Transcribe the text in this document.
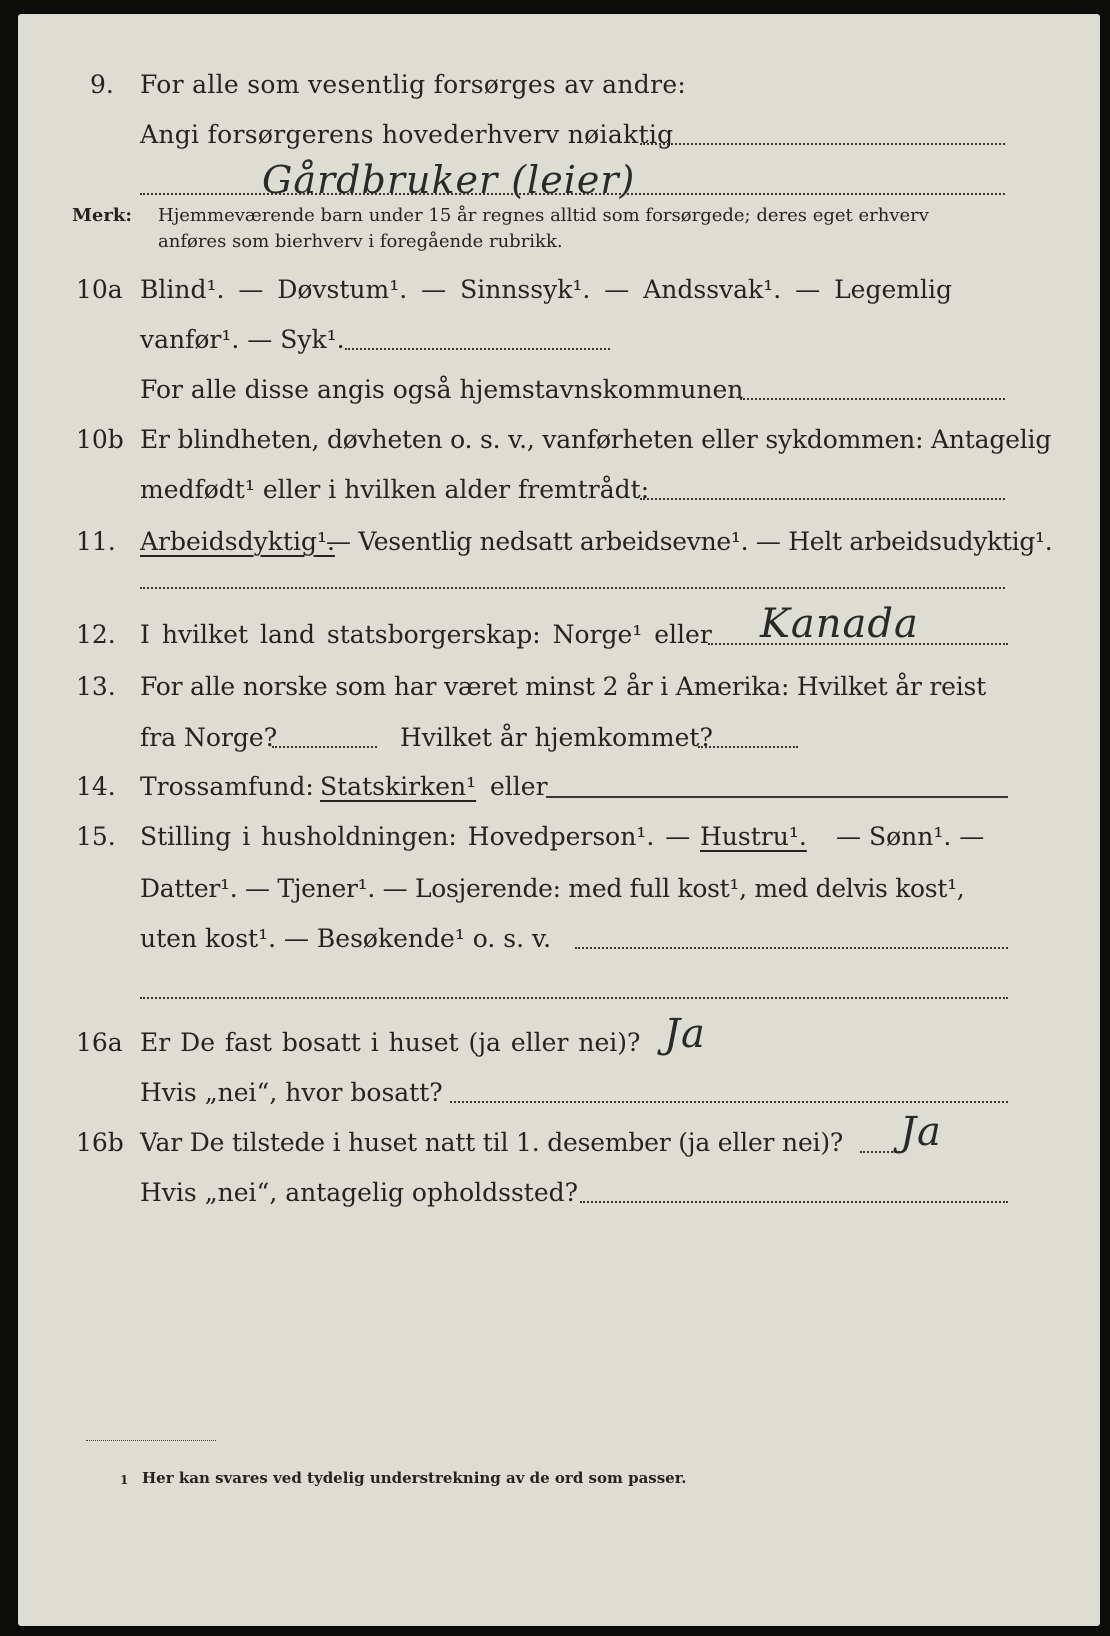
9. For alle som vesentlig forsørges av andre:
Angi forsørgerens hovederhverv nøiaktig
Gårdbruker (leier)
Merk: Hjemmeværende barn under 15 år regnes alltid som forsørgede; deres eget erhverv
anføres som bierhverv i foregående rubrikk.
10a Blind¹. — Døvstum¹. — Sinnssyk¹. — Andssvak¹. — Legemlig
vanfør¹. — Syk¹.
For alle disse angis også hjemstavnskommunen
10b Er blindheten, døvheten o. s. v., vanførheten eller sykdommen: Antagelig
medfødt¹ eller i hvilken alder fremtrådt:
11. Arbeidsdyktig¹.
— Vesentlig nedsatt arbeidsevne¹. — Helt arbeidsudyktig¹.
12. I hvilket land statsborgerskap: Norge¹ eller Kanada
13. For alle norske som har været minst 2 år i Amerika: Hvilket år reist
fra Norge?	Hvilket år hjemkommet?
14. Trossamfund: Statskirken¹ eller
15. Stilling i husholdningen: Hovedperson¹. — Hustru¹. — Sønn¹. —
Datter¹. — Tjener¹. — Losjerende: med full kost¹, med delvis kost¹,
uten kost¹. — Besøkende¹ o. s. v.
16a Er De fast bosatt i huset (ja eller nei)? Ja
Hvis „nei“, hvor bosatt?
16b Var De tilstede i huset natt til 1. desember (ja eller nei)? Ja
Hvis „nei“, antagelig opholdssted?
1 Her kan svares ved tydelig understrekning av de ord som passer.
